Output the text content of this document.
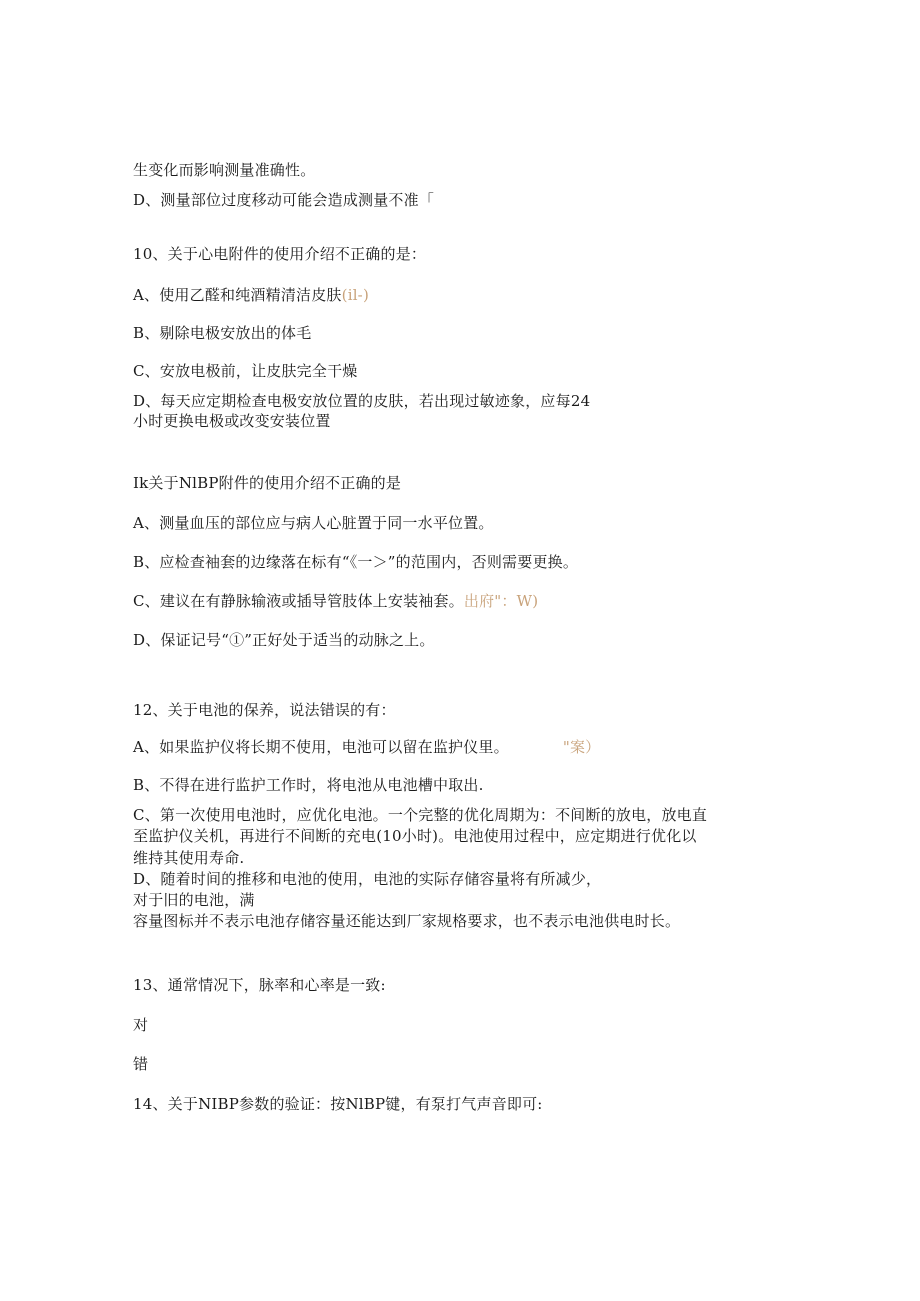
生变化而影响测量准确性。
D、测量部位过度移动可能会造成测量不准「
10、关于心电附件的使用介绍不正确的是：
A、使用乙醛和纯酒精清洁皮肤(il-)
B、剔除电极安放出的体毛
C、安放电极前，让皮肤完全干燥
D、每天应定期检查电极安放位置的皮肤，若出现过敏迹象，应每24
小时更换电极或改变安装位置
Ik关于NlBP附件的使用介绍不正确的是
A、测量血压的部位应与病人心脏置于同一水平位置。
B、应检查袖套的边缘落在标有“《一＞”的范围内，否则需要更换。
C、建议在有静脉输液或插导管肢体上安装袖套。出府"：W)
D、保证记号“①”正好处于适当的动脉之上。
12、关于电池的保养，说法错误的有：
A、如果监护仪将长期不使用，电池可以留在监护仪里。	"案）
B、不得在进行监护工作时，将电池从电池槽中取出.
C、第一次使用电池时，应优化电池。一个完整的优化周期为：不间断的放电，放电直
至监护仪关机，再进行不间断的充电(10小时)。电池使用过程中，应定期进行优化以
维持其使用寿命.
D、随着时间的推移和电池的使用，电池的实际存储容量将有所减少，
对于旧的电池，满
容量图标并不表示电池存储容量还能达到厂家规格要求，也不表示电池供电时长。
13、通常情况下，脉率和心率是一致:
对
错
14、关于NIBP参数的验证：按NlBP键，有泵打气声音即可:
